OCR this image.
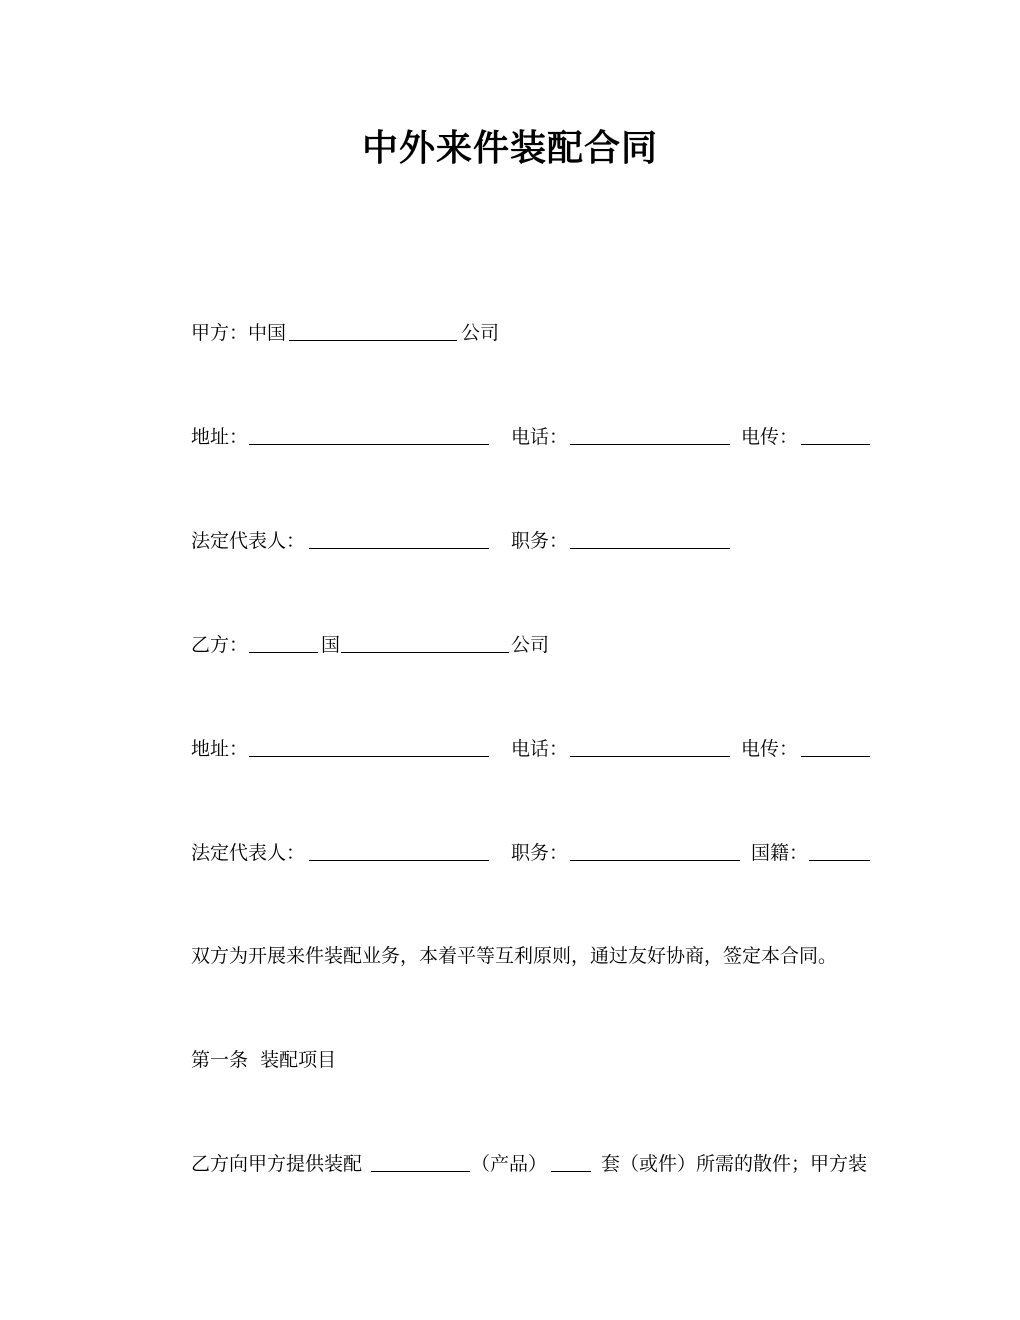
中外来件装配合同
甲方：中国	公司
地址：	电话：	电传：
法定代表人：	职务：
乙方：	国	公司
地址：	电话：	电传：
法定代表人：	职务：	国籍：
双方为开展来件装配业务，本着平等互利原则，通过友好协商，签定本合同。
第一条  装配项目
乙方向甲方提供装配	（产品）	套（或件）所需的散件；甲方装
